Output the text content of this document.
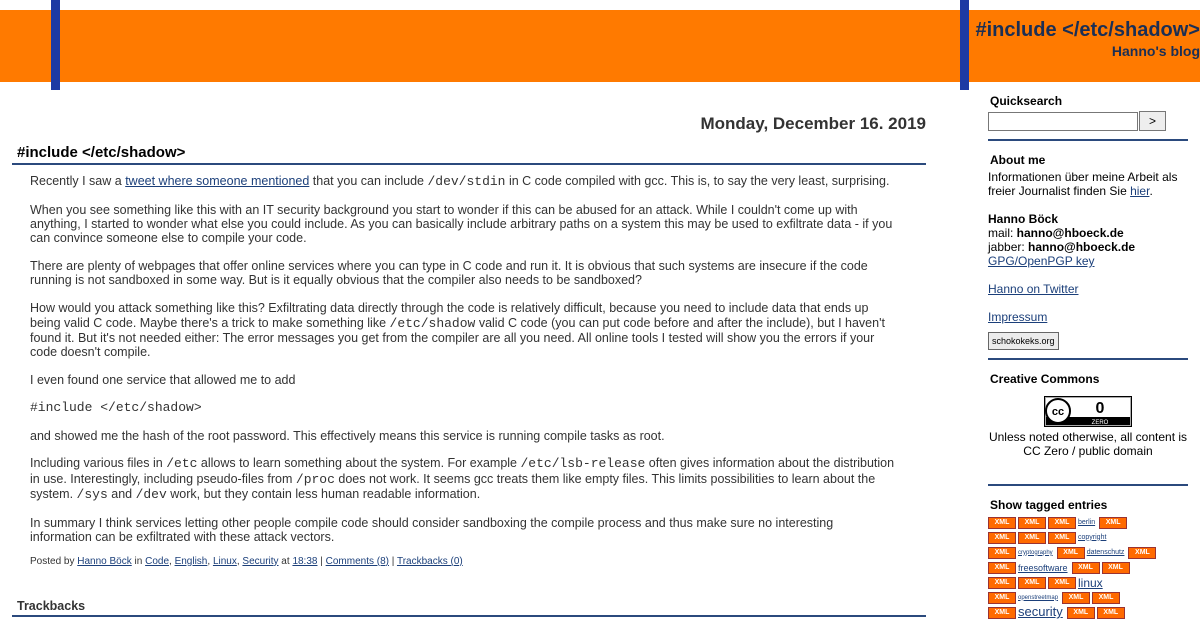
#include </etc/shadow>
Hanno's blog
Monday, December 16. 2019
#include </etc/shadow>

Recently I saw a tweet where someone mentioned that you can include /dev/stdin in C code compiled with gcc. This is, to say the very least, surprising.

When you see something like this with an IT security background you start to wonder if this can be abused for an attack. While I couldn't come up with anything, I started to wonder what else you could include. As you can basically include arbitrary paths on a system this may be used to exfiltrate data - if you can convince someone else to compile your code.

There are plenty of webpages that offer online services where you can type in C code and run it. It is obvious that such systems are insecure if the code running is not sandboxed in some way. But is it equally obvious that the compiler also needs to be sandboxed?

How would you attack something like this? Exfiltrating data directly through the code is relatively difficult, because you need to include data that ends up being valid C code. Maybe there's a trick to make something like /etc/shadow valid C code (you can put code before and after the include), but I haven't found it. But it's not needed either: The error messages you get from the compiler are all you need. All online tools I tested will show you the errors if your code doesn't compile.

I even found one service that allowed me to add

#include </etc/shadow>

and showed me the hash of the root password. This effectively means this service is running compile tasks as root.

Including various files in /etc allows to learn something about the system. For example /etc/lsb-release often gives information about the distribution in use. Interestingly, including pseudo-files from /proc does not work. It seems gcc treats them like empty files. This limits possibilities to learn about the system. /sys and /dev work, but they contain less human readable information.

In summary I think services letting other people compile code should consider sandboxing the compile process and thus make sure no interesting information can be exfiltrated with these attack vectors.

Posted by Hanno Böck in Code, English, Linux, Security at 18:38 | Comments (8) | Trackbacks (0)
Trackbacks
Quicksearch
>
About me
Informationen über meine Arbeit als freier Journalist finden Sie hier.
Hanno Böck
mail: hanno@hboeck.de
jabber: hanno@hboeck.de
GPG/OpenPGP key
Hanno on Twitter
Impressum
schokokeks.org
Creative Commons
cc 0
ZERO
Unless noted otherwise, all content is CC Zero / public domain
Show tagged entries
XML XML XML berlin XML
XML XML XML copyright
XML cryptography XML datenschutz XML
XML freesoftware XML XML
XML XML XML linux
XML openstreetmap XML XML
XML security XML XML
